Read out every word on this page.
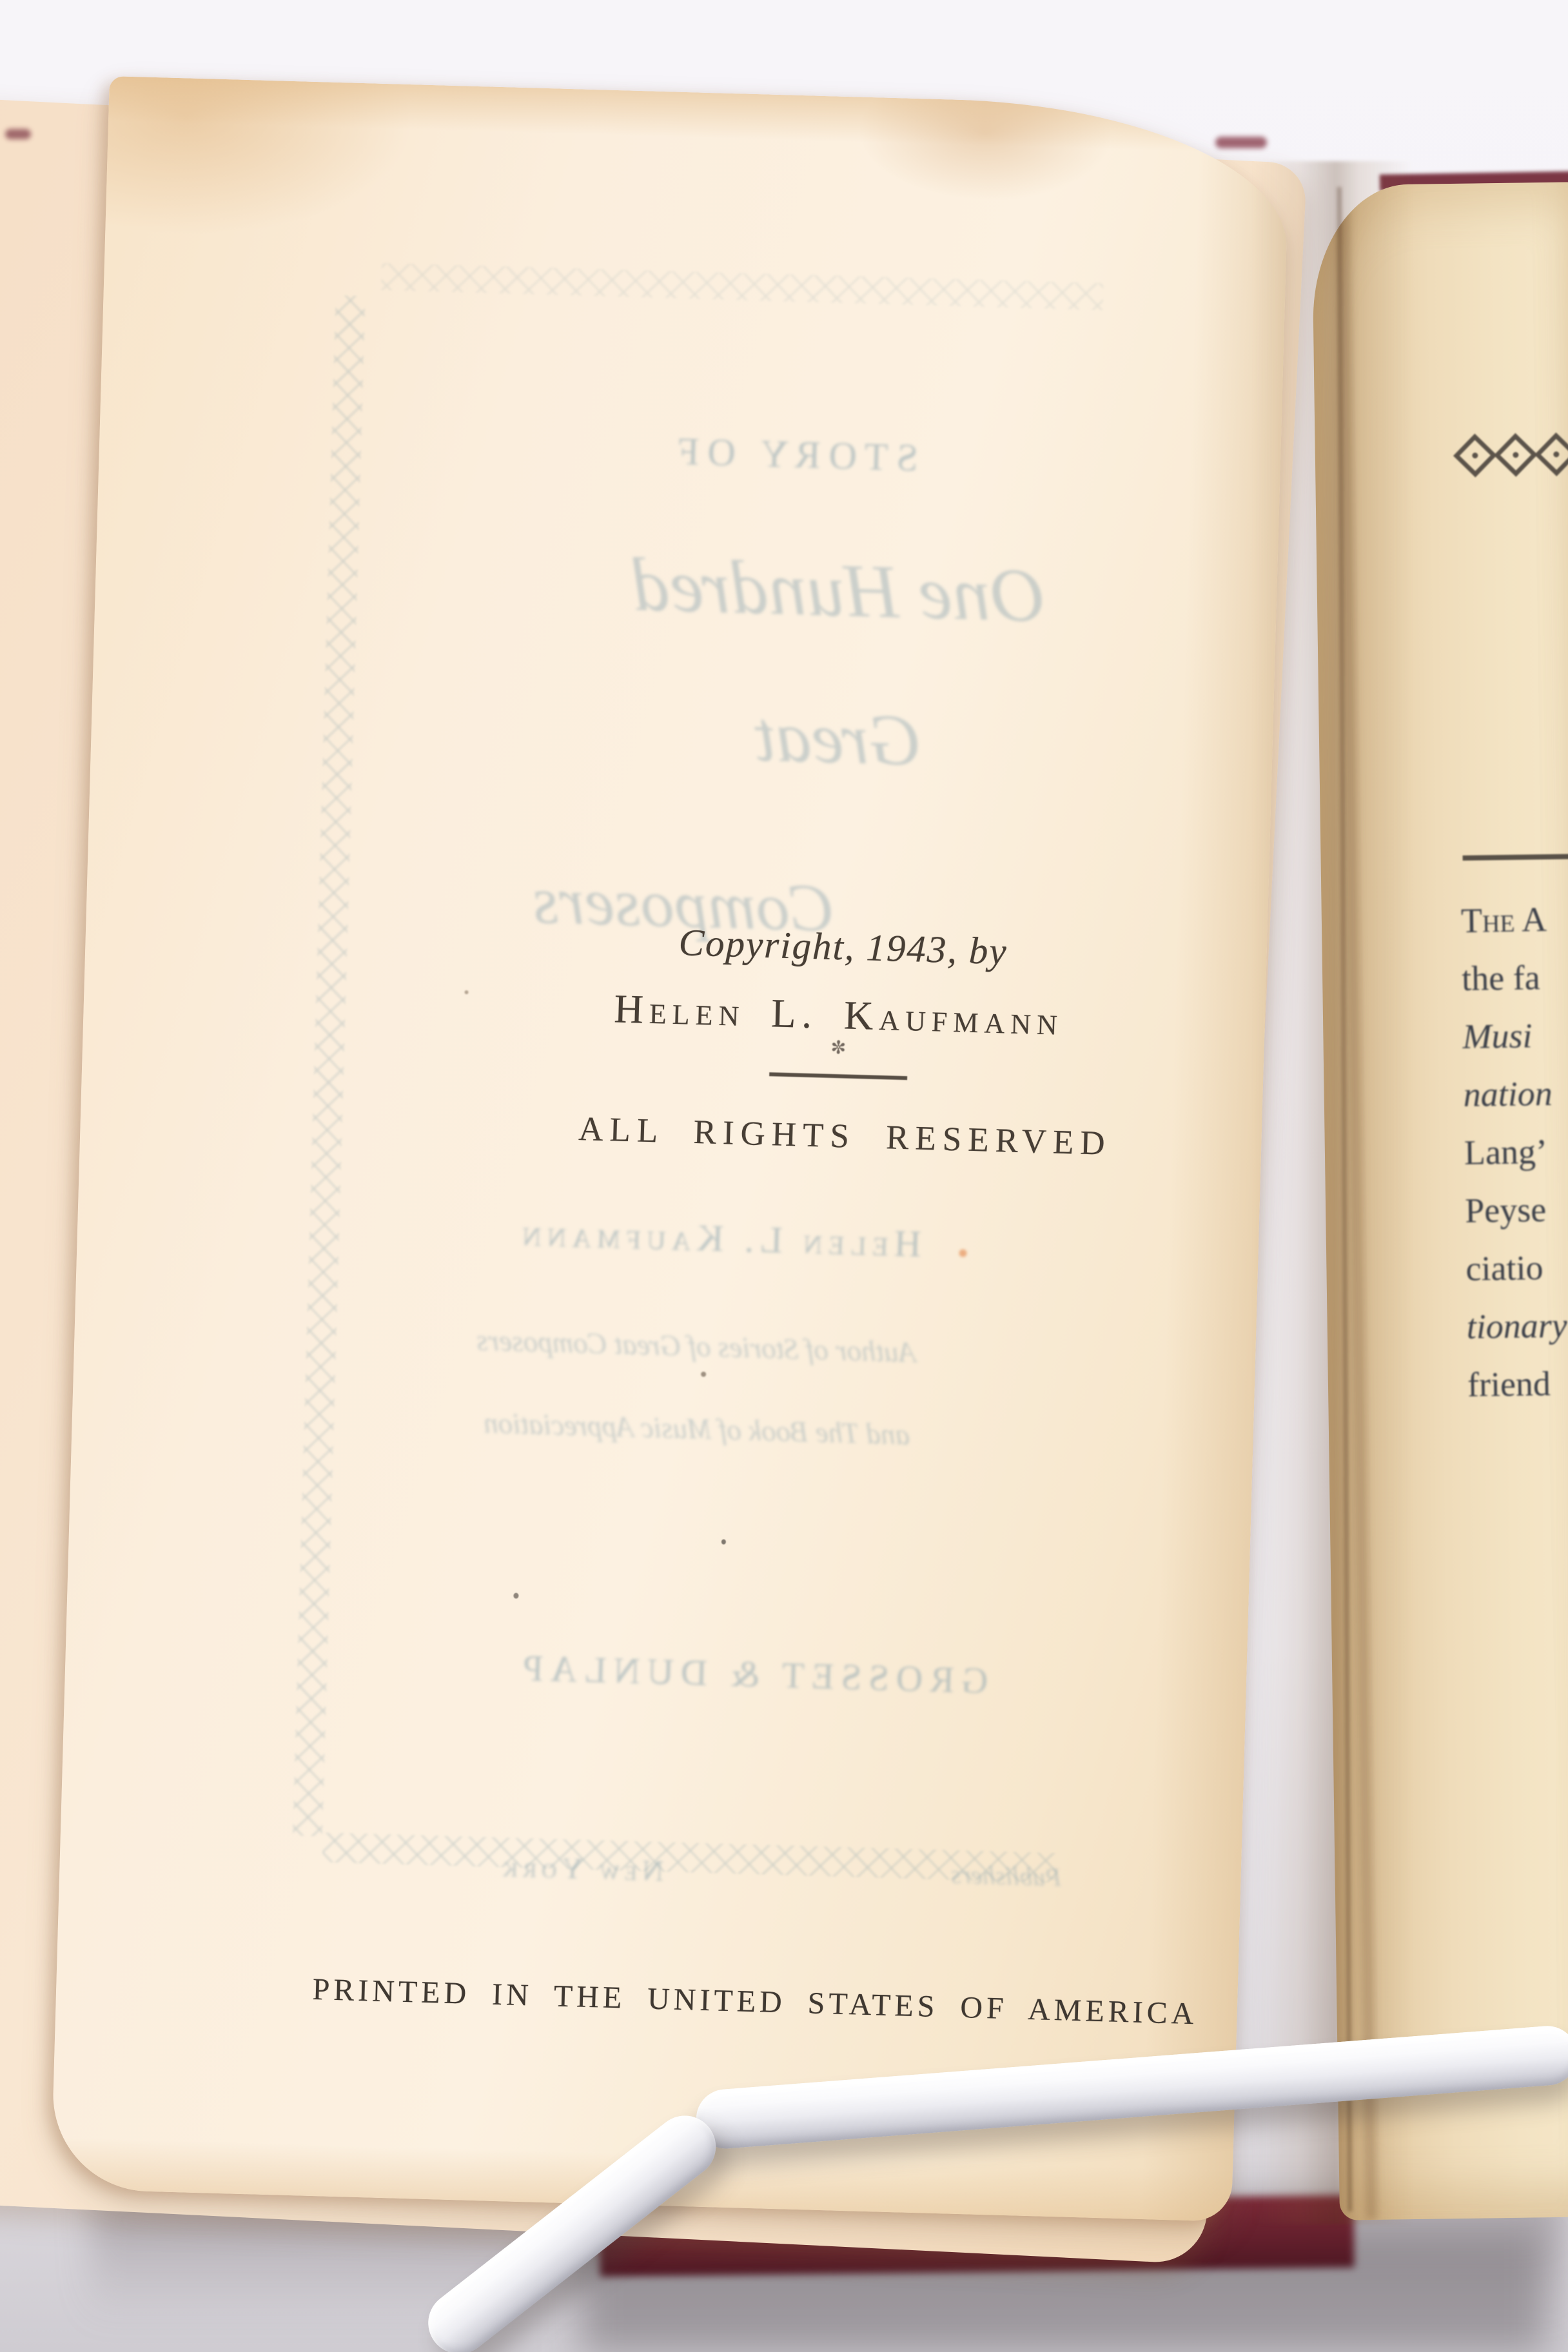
The A
the fa
Musi
nation
Lang’
Peyse
ciatio
tionary
friend
STORY OF
One Hundred
Great
Composers
Helen L. Kaufmann
Author of Stories of Great Composers
and The Book of Music Appreciation
GROSSET & DUNLAP
New York	Publishers
Copyright, 1943, by
Helen L. Kaufmann
✼
ALL RIGHTS RESERVED
PRINTED IN THE UNITED STATES OF AMERICA
